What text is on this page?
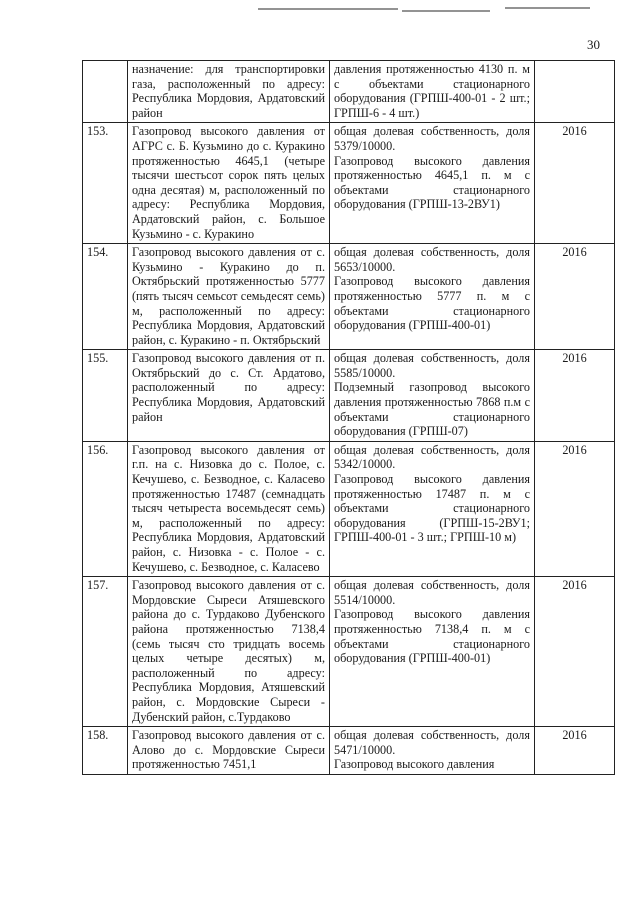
30
	назначение: для транспортировки газа, расположенный по адресу: Республика Мордовия, Ардатовский район	давления протяженностью 4130 п. м с объектами стационарного оборудования (ГРПШ-400-01 - 2 шт.; ГРПШ-6 - 4 шт.)	

153.	Газопровод высокого давления от АГРС с. Б. Кузьмино до с. Куракино протяженностью 4645,1 (четыре тысячи шестьсот сорок пять целых одна десятая) м, расположенный по адресу: Республика Мордовия, Ардатовский район, с. Большое Кузьмино - с. Куракино	общая долевая собственность, доля 5379/10000.
Газопровод высокого давления протяженностью 4645,1 п. м с объектами стационарного оборудования (ГРПШ-13-2ВУ1)	2016
154.	Газопровод высокого давления от с. Кузьмино - Куракино до п. Октябрьский протяженностью 5777 (пять тысяч семьсот семьдесят семь) м, расположенный по адресу: Республика Мордовия, Ардатовский район, с. Куракино - п. Октябрьский	общая долевая собственность, доля 5653/10000.
Газопровод высокого давления протяженностью 5777 п. м с объектами стационарного оборудования (ГРПШ-400-01)	2016
155.	Газопровод высокого давления от п. Октябрьский до с. Ст. Ардатово, расположенный по адресу: Республика Мордовия, Ардатовский район	общая долевая собственность, доля 5585/10000.
Подземный газопровод высокого давления протяженностью 7868 п.м с объектами стационарного оборудования (ГРПШ-07)	2016
156.	Газопровод высокого давления от г.п. на с. Низовка до с. Полое, с. Кечушево, с. Безводное, с. Каласево протяженностью 17487 (семнадцать тысяч четыреста восемьдесят семь) м, расположенный по адресу: Республика Мордовия, Ардатовский район, с. Низовка - с. Полое - с. Кечушево, с. Безводное, с. Каласево	общая долевая собственность, доля 5342/10000.
Газопровод высокого давления протяженностью 17487 п. м с объектами стационарного оборудования (ГРПШ-15-2ВУ1; ГРПШ-400-01 - 3 шт.; ГРПШ-10 м)	2016
157.	Газопровод высокого давления от с. Мордовские Сыреси Атяшевского района до с. Турдаково Дубенского района протяженностью 7138,4 (семь тысяч сто тридцать восемь целых четыре десятых) м, расположенный по адресу: Республика Мордовия, Атяшевский район, с. Мордовские Сыреси - Дубенский район, с.Турдаково	общая долевая собственность, доля 5514/10000.
Газопровод высокого давления протяженностью 7138,4 п. м с объектами стационарного оборудования (ГРПШ-400-01)	2016
158.	Газопровод высокого давления от с. Алово до с. Мордовские Сыреси протяженностью 7451,1	общая долевая собственность, доля 5471/10000.
Газопровод высокого давления	2016
